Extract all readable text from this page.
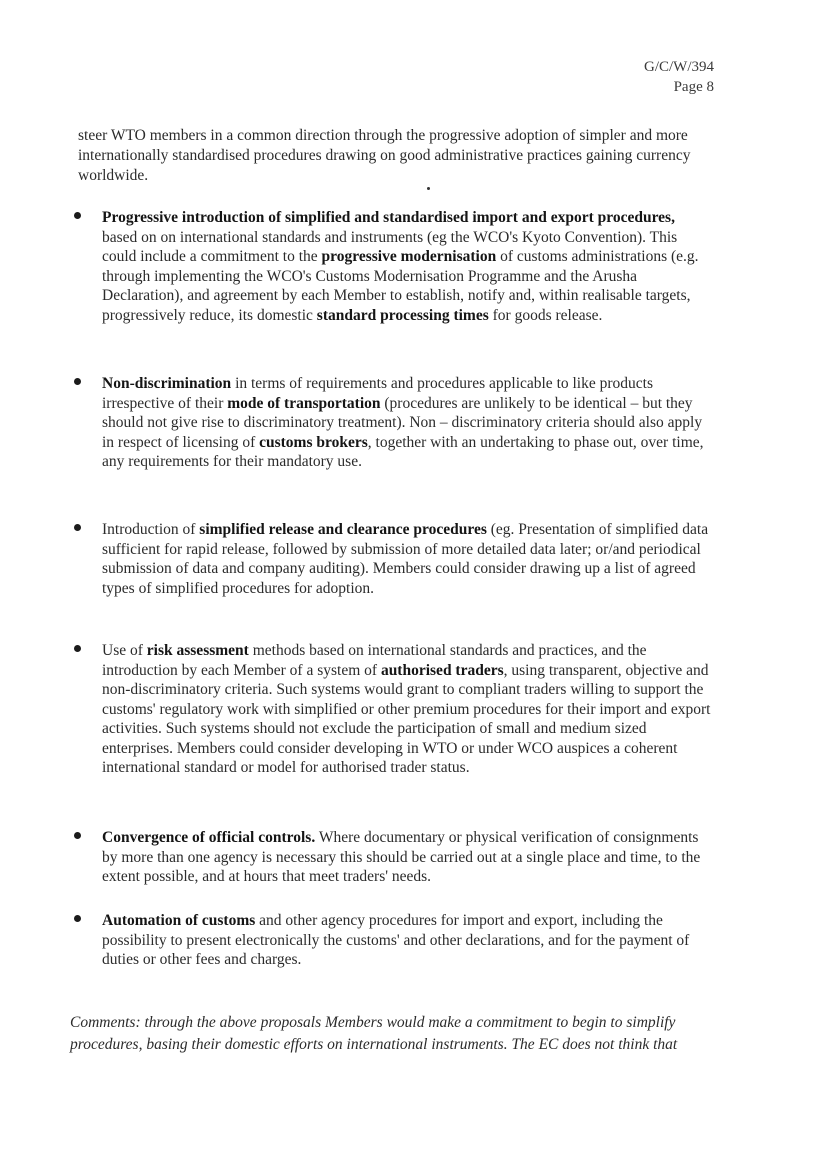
G/C/W/394
Page 8

steer WTO members in a common direction through the progressive adoption of simpler and more internationally standardised procedures drawing on good administrative practices gaining currency worldwide.

Progressive introduction of simplified and standardised import and export procedures, based on on international standards and instruments (eg the WCO's Kyoto Convention). This could include a commitment to the progressive modernisation of customs administrations (e.g. through implementing the WCO's Customs Modernisation Programme and the Arusha Declaration), and agreement by each Member to establish, notify and, within realisable targets, progressively reduce, its domestic standard processing times for goods release.

Non-discrimination in terms of requirements and procedures applicable to like products irrespective of their mode of transportation (procedures are unlikely to be identical – but they should not give rise to discriminatory treatment). Non – discriminatory criteria should also apply in respect of licensing of customs brokers, together with an undertaking to phase out, over time, any requirements for their mandatory use.

Introduction of simplified release and clearance procedures (eg. Presentation of simplified data sufficient for rapid release, followed by submission of more detailed data later; or/and periodical submission of data and company auditing). Members could consider drawing up a list of agreed types of simplified procedures for adoption.

Use of risk assessment methods based on international standards and practices, and the introduction by each Member of a system of authorised traders, using transparent, objective and non-discriminatory criteria. Such systems would grant to compliant traders willing to support the customs' regulatory work with simplified or other premium procedures for their import and export activities. Such systems should not exclude the participation of small and medium sized enterprises. Members could consider developing in WTO or under WCO auspices a coherent international standard or model for authorised trader status.

Convergence of official controls. Where documentary or physical verification of consignments by more than one agency is necessary this should be carried out at a single place and time, to the extent possible, and at hours that meet traders' needs.

Automation of customs and other agency procedures for import and export, including the possibility to present electronically the customs' and other declarations, and for the payment of duties or other fees and charges.

Comments: through the above proposals Members would make a commitment to begin to simplify procedures, basing their domestic efforts on international instruments. The EC does not think that
